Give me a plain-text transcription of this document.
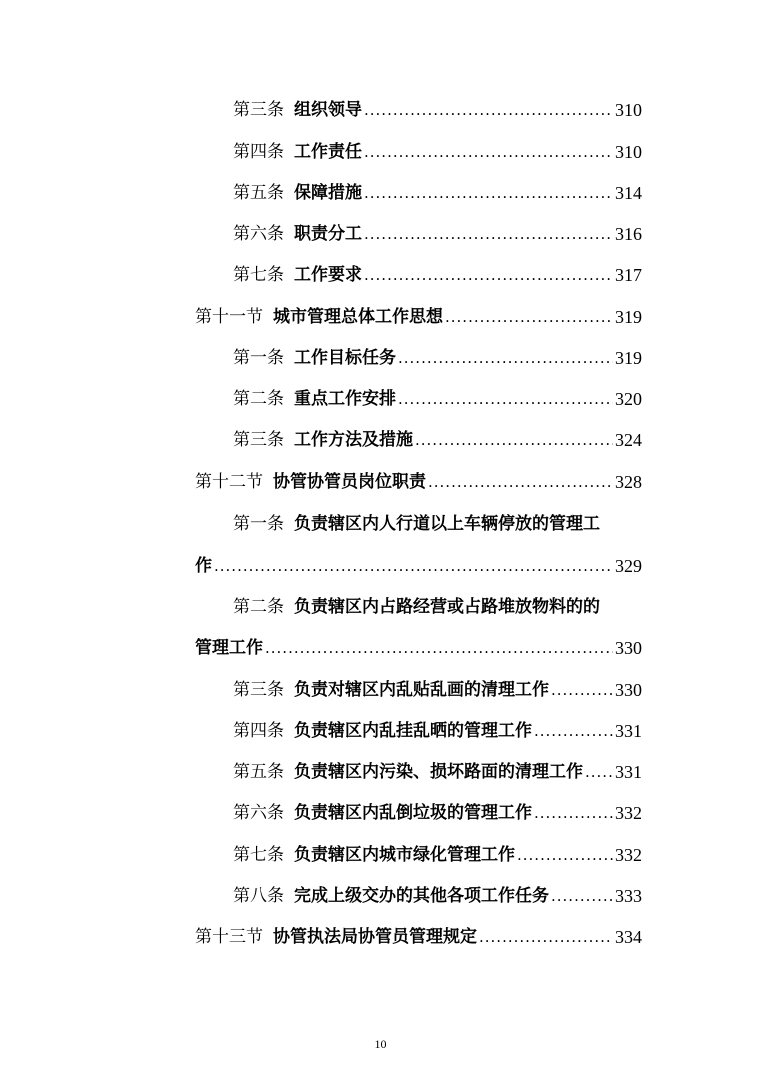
第三条 组织领导 .....	310
第四条 工作责任 .....	310
第五条 保障措施 .....	314
第六条 职责分工 .....	316
第七条 工作要求 .....	317
第十一节 城市管理总体工作思想 .....	319
第一条 工作目标任务 .....	319
第二条 重点工作安排 .....	320
第三条 工作方法及措施 .....	324
第十二节 协管协管员岗位职责 .....	328
第一条 负责辖区内人行道以上车辆停放的管理工
作 .....	329
第二条 负责辖区内占路经营或占路堆放物料的的
管理工作 .....	330
第三条 负责对辖区内乱贴乱画的清理工作 .....	330
第四条 负责辖区内乱挂乱晒的管理工作 .....	331
第五条 负责辖区内污染、损坏路面的清理工作 ..... 331
第六条 负责辖区内乱倒垃圾的管理工作 .....	332
第七条 负责辖区内城市绿化管理工作 .....	332
第八条 完成上级交办的其他各项工作任务 .....	333
第十三节 协管执法局协管员管理规定 .....	334
10
